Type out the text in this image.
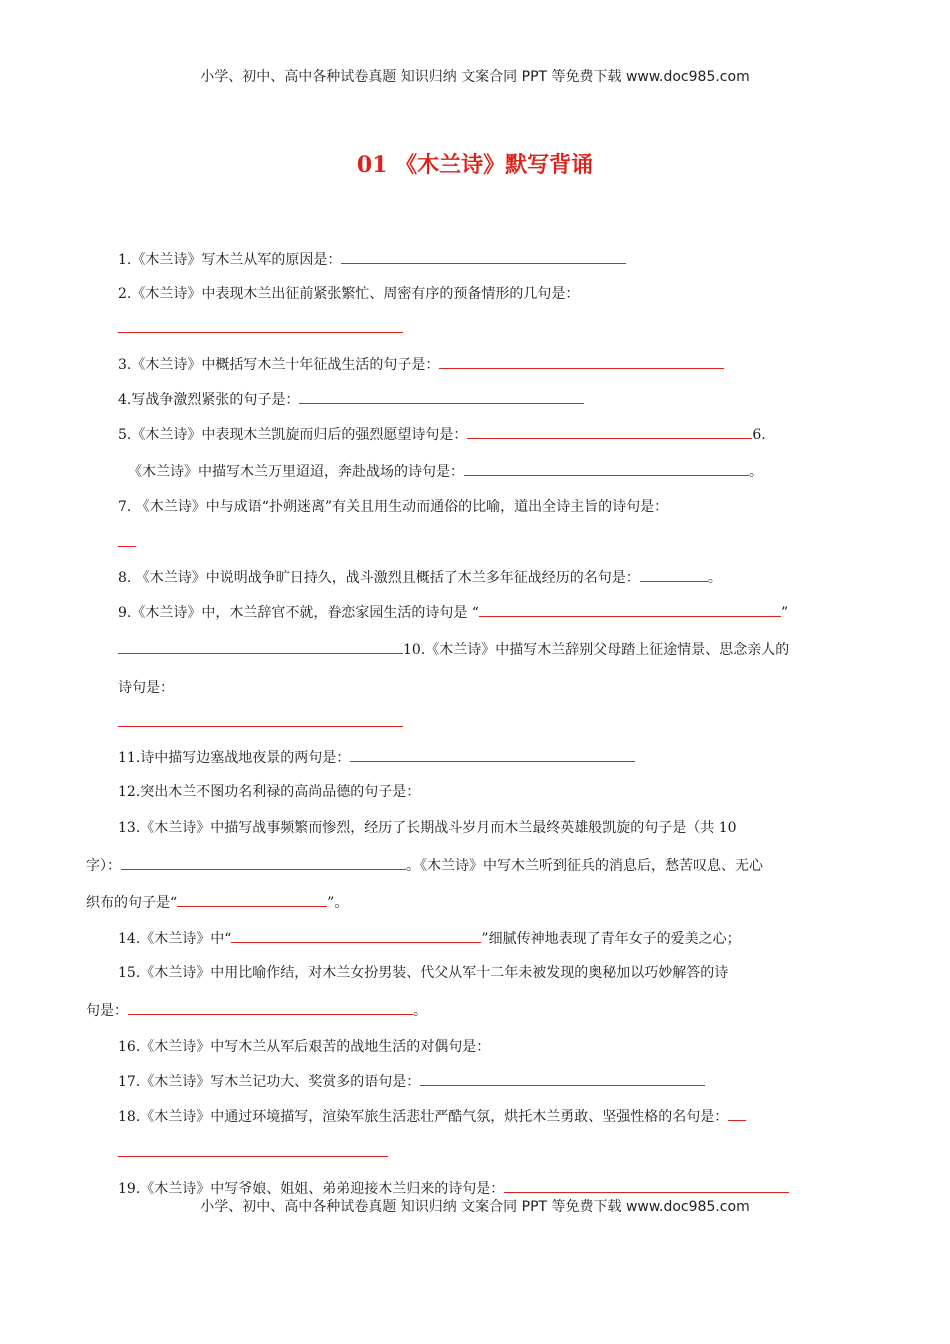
小学、初中、高中各种试卷真题 知识归纳 文案合同 PPT 等免费下载 www.doc985.com
01 《木兰诗》默写背诵
1.《木兰诗》写木兰从军的原因是：
2.《木兰诗》中表现木兰出征前紧张繁忙、周密有序的预备情形的几句是：
3.《木兰诗》中概括写木兰十年征战生活的句子是：
4.写战争激烈紧张的句子是：
5.《木兰诗》中表现木兰凯旋而归后的强烈愿望诗句是：	6.
《木兰诗》中描写木兰万里迢迢，奔赴战场的诗句是：	。
7. 《木兰诗》中与成语“扑朔迷离”有关且用生动而通俗的比喻，道出全诗主旨的诗句是：
8. 《木兰诗》中说明战争旷日持久，战斗激烈且概括了木兰多年征战经历的名句是：	。
9.《木兰诗》中，木兰辞官不就，眷恋家园生活的诗句是 “	”
10.《木兰诗》中描写木兰辞别父母踏上征途情景、思念亲人的
诗句是：
11.诗中描写边塞战地夜景的两句是：
12.突出木兰不图功名利禄的高尚品德的句子是：
13.《木兰诗》中描写战事频繁而惨烈，经历了长期战斗岁月而木兰最终英雄般凯旋的句子是（共 10
字）：	。《木兰诗》中写木兰听到征兵的消息后，愁苦叹息、无心
织布的句子是“	”。
14.《木兰诗》中“	”细腻传神地表现了青年女子的爱美之心；
15.《木兰诗》中用比喻作结，对木兰女扮男装、代父从军十二年未被发现的奥秘加以巧妙解答的诗
句是：	。
16.《木兰诗》中写木兰从军后艰苦的战地生活的对偶句是：
17.《木兰诗》写木兰记功大、奖赏多的语句是：
18.《木兰诗》中通过环境描写，渲染军旅生活悲壮严酷气氛，烘托木兰勇敢、坚强性格的名句是：
19.《木兰诗》中写爷娘、姐姐、弟弟迎接木兰归来的诗句是：
小学、初中、高中各种试卷真题 知识归纳 文案合同 PPT 等免费下载 www.doc985.com
